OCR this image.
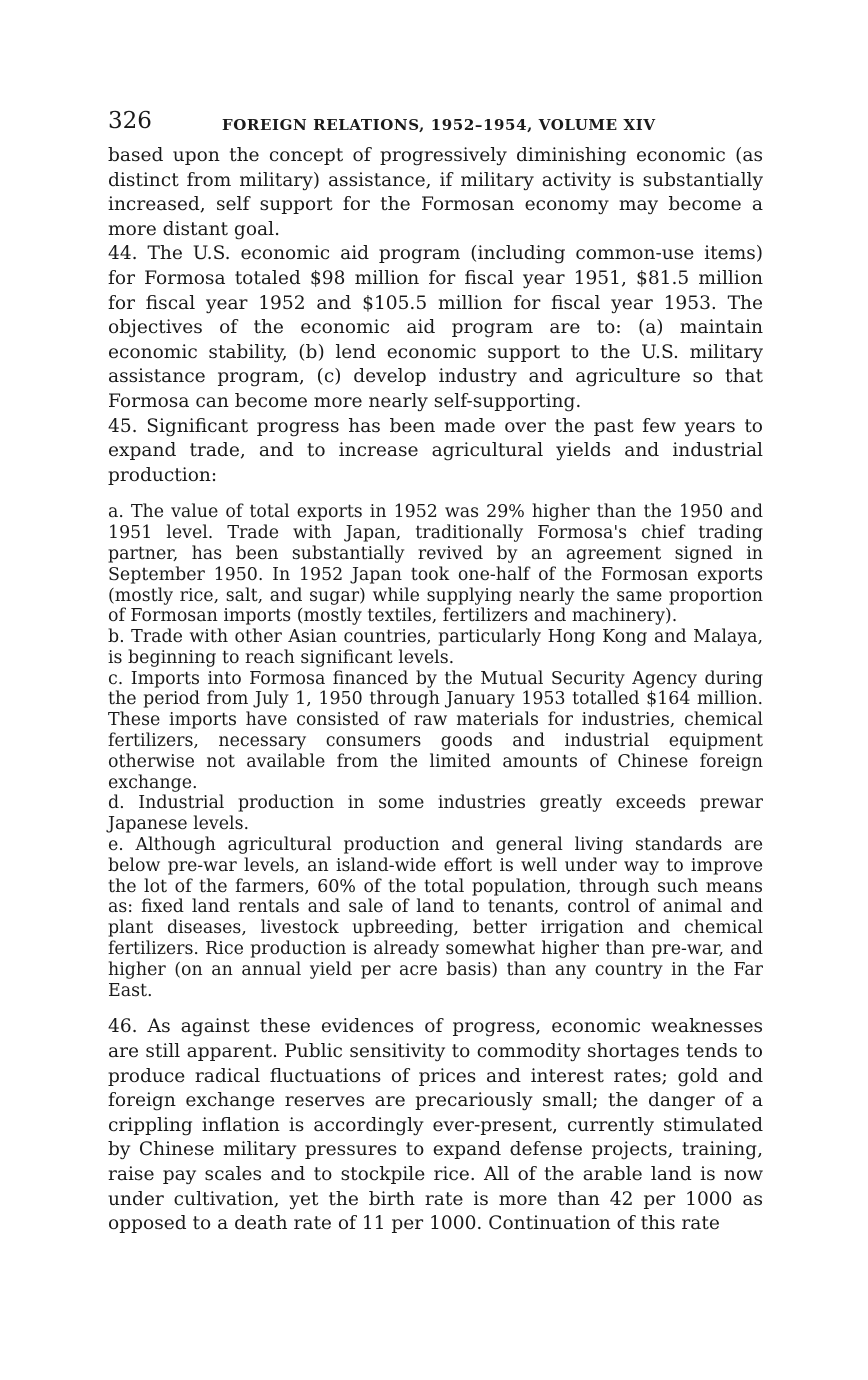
326	FOREIGN RELATIONS, 1952–1954, VOLUME XIV

based upon the concept of progressively diminishing economic (as distinct from military) assistance, if military activity is substantially increased, self support for the Formosan economy may become a more distant goal.

44. The U.S. economic aid program (including common-use items) for Formosa totaled $98 million for fiscal year 1951, $81.5 million for fiscal year 1952 and $105.5 million for fiscal year 1953. The objectives of the economic aid program are to: (a) maintain economic stability, (b) lend economic support to the U.S. military assistance program, (c) develop industry and agriculture so that Formosa can become more nearly self-supporting.

45. Significant progress has been made over the past few years to expand trade, and to increase agricultural yields and industrial production:

a. The value of total exports in 1952 was 29% higher than the 1950 and 1951 level. Trade with Japan, traditionally Formosa's chief trading partner, has been substantially revived by an agreement signed in September 1950. In 1952 Japan took one-half of the Formosan exports (mostly rice, salt, and sugar) while supplying nearly the same proportion of Formosan imports (mostly textiles, fertilizers and machinery).

b. Trade with other Asian countries, particularly Hong Kong and Malaya, is beginning to reach significant levels.

c. Imports into Formosa financed by the Mutual Security Agency during the period from July 1, 1950 through January 1953 totalled $164 million. These imports have consisted of raw materials for industries, chemical fertilizers, necessary consumers goods and industrial equipment otherwise not available from the limited amounts of Chinese foreign exchange.

d. Industrial production in some industries greatly exceeds prewar Japanese levels.

e. Although agricultural production and general living standards are below pre-war levels, an island-wide effort is well under way to improve the lot of the farmers, 60% of the total population, through such means as: fixed land rentals and sale of land to tenants, control of animal and plant diseases, livestock upbreeding, better irrigation and chemical fertilizers. Rice production is already somewhat higher than pre-war, and higher (on an annual yield per acre basis) than any country in the Far East.

46. As against these evidences of progress, economic weaknesses are still apparent. Public sensitivity to commodity shortages tends to produce radical fluctuations of prices and interest rates; gold and foreign exchange reserves are precariously small; the danger of a crippling inflation is accordingly ever-present, currently stimulated by Chinese military pressures to expand defense projects, training, raise pay scales and to stockpile rice. All of the arable land is now under cultivation, yet the birth rate is more than 42 per 1000 as opposed to a death rate of 11 per 1000. Continuation of this rate
